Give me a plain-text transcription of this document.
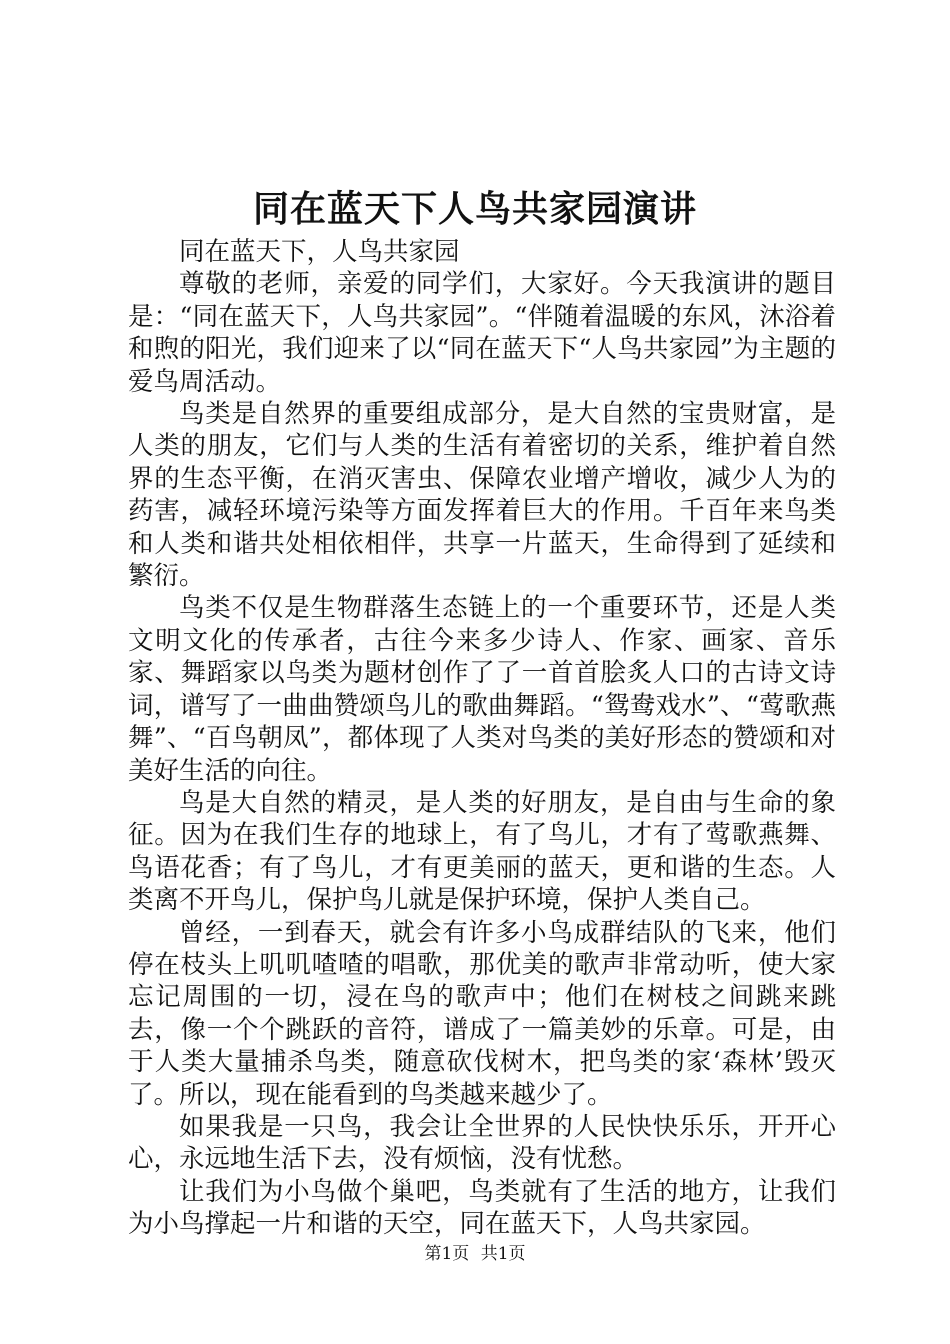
同在蓝天下人鸟共家园演讲

同在蓝天下，人鸟共家园

尊敬的老师，亲爱的同学们，大家好。今天我演讲的题目是：“同在蓝天下，人鸟共家园”。“伴随着温暖的东风，沐浴着和煦的阳光，我们迎来了以“同在蓝天下“人鸟共家园”为主题的爱鸟周活动。

鸟类是自然界的重要组成部分，是大自然的宝贵财富，是人类的朋友，它们与人类的生活有着密切的关系，维护着自然界的生态平衡，在消灭害虫、保障农业增产增收，减少人为的药害，减轻环境污染等方面发挥着巨大的作用。千百年来鸟类和人类和谐共处相依相伴，共享一片蓝天，生命得到了延续和繁衍。

鸟类不仅是生物群落生态链上的一个重要环节，还是人类文明文化的传承者，古往今来多少诗人、作家、画家、音乐家、舞蹈家以鸟类为题材创作了了一首首脍炙人口的古诗文诗词，谱写了一曲曲赞颂鸟儿的歌曲舞蹈。“鸳鸯戏水”、“莺歌燕舞”、“百鸟朝凤”，都体现了人类对鸟类的美好形态的赞颂和对美好生活的向往。

鸟是大自然的精灵，是人类的好朋友，是自由与生命的象征。因为在我们生存的地球上，有了鸟儿，才有了莺歌燕舞、鸟语花香；有了鸟儿，才有更美丽的蓝天，更和谐的生态。人类离不开鸟儿，保护鸟儿就是保护环境，保护人类自己。

曾经，一到春天，就会有许多小鸟成群结队的飞来，他们停在枝头上叽叽喳喳的唱歌，那优美的歌声非常动听，使大家忘记周围的一切，浸在鸟的歌声中；他们在树枝之间跳来跳去，像一个个跳跃的音符，谱成了一篇美妙的乐章。可是，由于人类大量捕杀鸟类，随意砍伐树木，把鸟类的家‘森林’毁灭了。所以，现在能看到的鸟类越来越少了。

如果我是一只鸟，我会让全世界的人民快快乐乐，开开心心，永远地生活下去，没有烦恼，没有忧愁。

让我们为小鸟做个巢吧，鸟类就有了生活的地方，让我们为小鸟撑起一片和谐的天空，同在蓝天下，人鸟共家园。

第1页 共1页
